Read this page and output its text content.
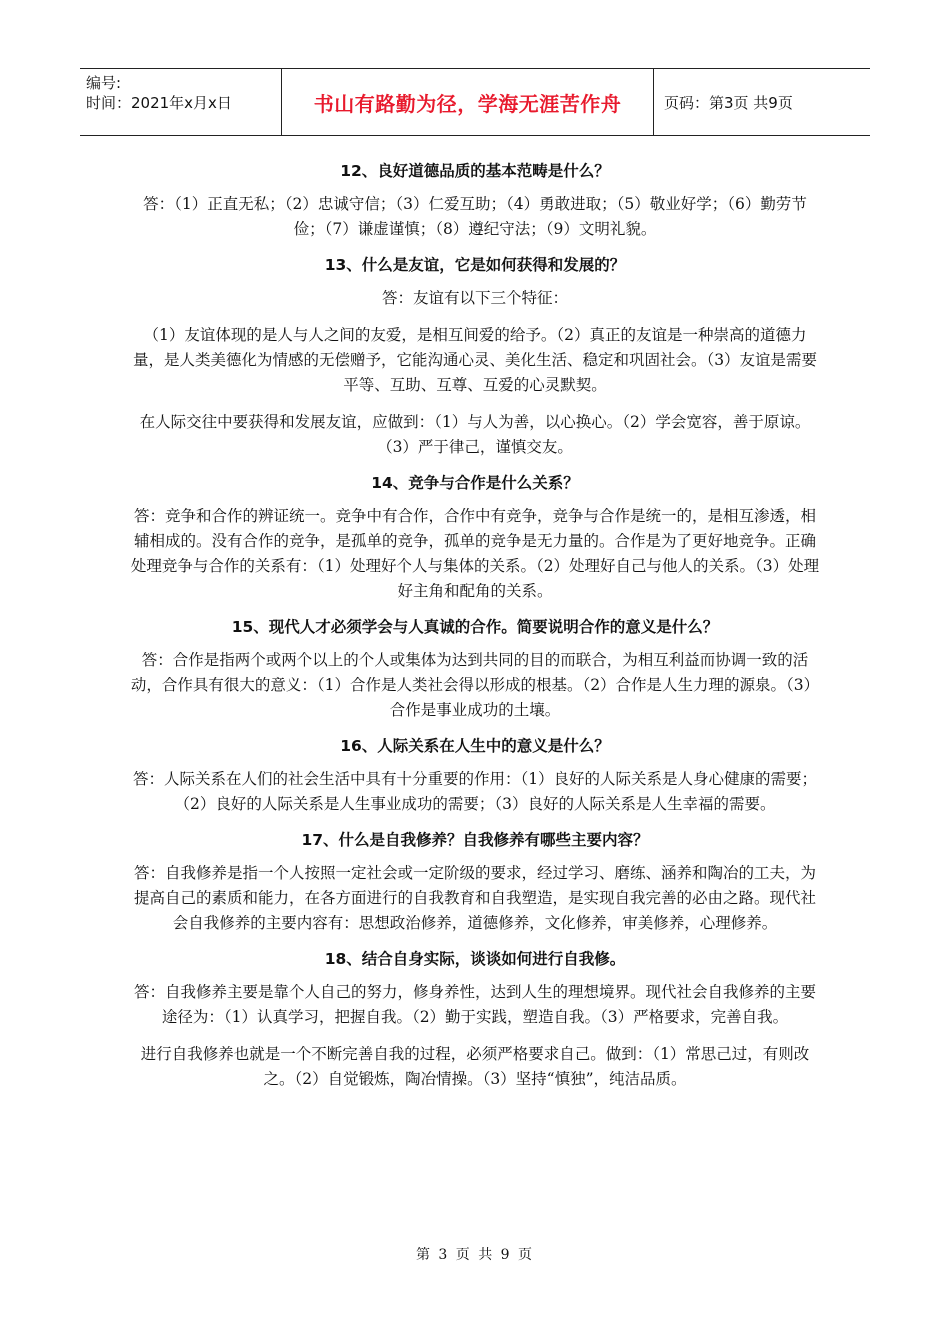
编号:
时间：2021年x月x日	书山有路勤为径，学海无涯苦作舟	页码：第3页 共9页
12、良好道德品质的基本范畴是什么？

答：（1）正直无私；（2）忠诚守信；（3）仁爱互助；（4）勇敢进取；（5）敬业好学；（6）勤劳节俭；（7）谦虚谨慎；（8）遵纪守法；（9）文明礼貌。

13、什么是友谊，它是如何获得和发展的？

答：友谊有以下三个特征：

（1）友谊体现的是人与人之间的友爱，是相互间爱的给予。（2）真正的友谊是一种崇高的道德力量，是人类美德化为情感的无偿赠予，它能沟通心灵、美化生活、稳定和巩固社会。（3）友谊是需要平等、互助、互尊、互爱的心灵默契。

在人际交往中要获得和发展友谊，应做到：（1）与人为善，以心换心。（2）学会宽容，善于原谅。（3）严于律己，谨慎交友。

14、竞争与合作是什么关系？

答：竞争和合作的辨证统一。竞争中有合作，合作中有竞争，竞争与合作是统一的，是相互渗透，相辅相成的。没有合作的竞争，是孤单的竞争，孤单的竞争是无力量的。合作是为了更好地竞争。正确处理竞争与合作的关系有：（1）处理好个人与集体的关系。（2）处理好自己与他人的关系。（3）处理好主角和配角的关系。

15、现代人才必须学会与人真诚的合作。简要说明合作的意义是什么？

答：合作是指两个或两个以上的个人或集体为达到共同的目的而联合，为相互利益而协调一致的活动，合作具有很大的意义：（1）合作是人类社会得以形成的根基。（2）合作是人生力理的源泉。（3）合作是事业成功的土壤。

16、人际关系在人生中的意义是什么？

答：人际关系在人们的社会生活中具有十分重要的作用：（1）良好的人际关系是人身心健康的需要；（2）良好的人际关系是人生事业成功的需要；（3）良好的人际关系是人生幸福的需要。

17、什么是自我修养？自我修养有哪些主要内容？

答：自我修养是指一个人按照一定社会或一定阶级的要求，经过学习、磨练、涵养和陶冶的工夫，为提高自己的素质和能力，在各方面进行的自我教育和自我塑造，是实现自我完善的必由之路。现代社会自我修养的主要内容有：思想政治修养，道德修养，文化修养，审美修养，心理修养。

18、结合自身实际，谈谈如何进行自我修。

答：自我修养主要是靠个人自己的努力，修身养性，达到人生的理想境界。现代社会自我修养的主要途径为：（1）认真学习，把握自我。（2）勤于实践，塑造自我。（3）严格要求，完善自我。

进行自我修养也就是一个不断完善自我的过程，必须严格要求自己。做到：（1）常思己过，有则改之。（2）自觉锻炼，陶冶情操。（3）坚持“慎独”，纯洁品质。

第 3 页 共 9 页
